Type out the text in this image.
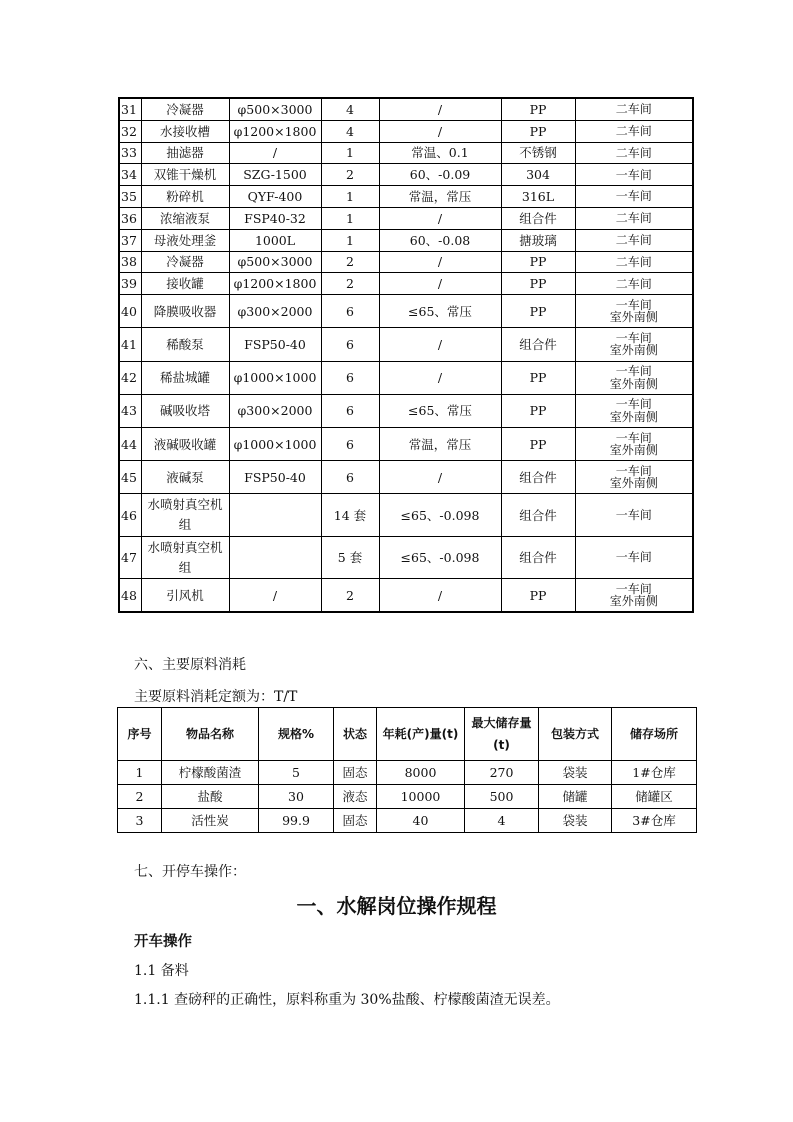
31	冷凝器	φ500×3000	4	/	PP	二车间

32	水接收槽	φ1200×1800	4	/	PP	二车间

33	抽滤器	/	1	常温、0.1	不锈钢	二车间

34	双锥干燥机	SZG-1500	2	60、-0.09	304	一车间

35	粉碎机	QYF-400	1	常温，常压	316L	一车间

36	浓缩液泵	FSP40-32	1	/	组合件	二车间

37	母液处理釜	1000L	1	60、-0.08	搪玻璃	二车间

38	冷凝器	φ500×3000	2	/	PP	二车间

39	接收罐	φ1200×1800	2	/	PP	二车间

40	降膜吸收器	φ300×2000	6	≤65、常压	PP	一车间
室外南侧

41	稀酸泵	FSP50-40	6	/	组合件	一车间
室外南侧

42	稀盐城罐	φ1000×1000	6	/	PP	一车间
室外南侧

43	碱吸收塔	φ300×2000	6	≤65、常压	PP	一车间
室外南侧

44	液碱吸收罐	φ1000×1000	6	常温，常压	PP	一车间
室外南侧

45	液碱泵	FSP50-40	6	/	组合件	一车间
室外南侧

46	水喷射真空机组		14 套	≤65、-0.098	组合件	一车间

47	水喷射真空机组		5 套	≤65、-0.098	组合件	一车间

48	引风机	/	2	/	PP	一车间
室外南侧
六、主要原料消耗
主要原料消耗定额为：T/T
序号	物品名称	规格%	状态	年耗(产)量(t)	最大储存量(t)	包装方式	储存场所
1	柠檬酸菌渣	5	固态	8000	270	袋装	1#仓库
2	盐酸	30	液态	10000	500	储罐	储罐区
3	活性炭	99.9	固态	40	4	袋装	3#仓库
七、开停车操作：
一、水解岗位操作规程
开车操作
1.1 备料
1.1.1 查磅秤的正确性，原料称重为 30%盐酸、柠檬酸菌渣无误差。
